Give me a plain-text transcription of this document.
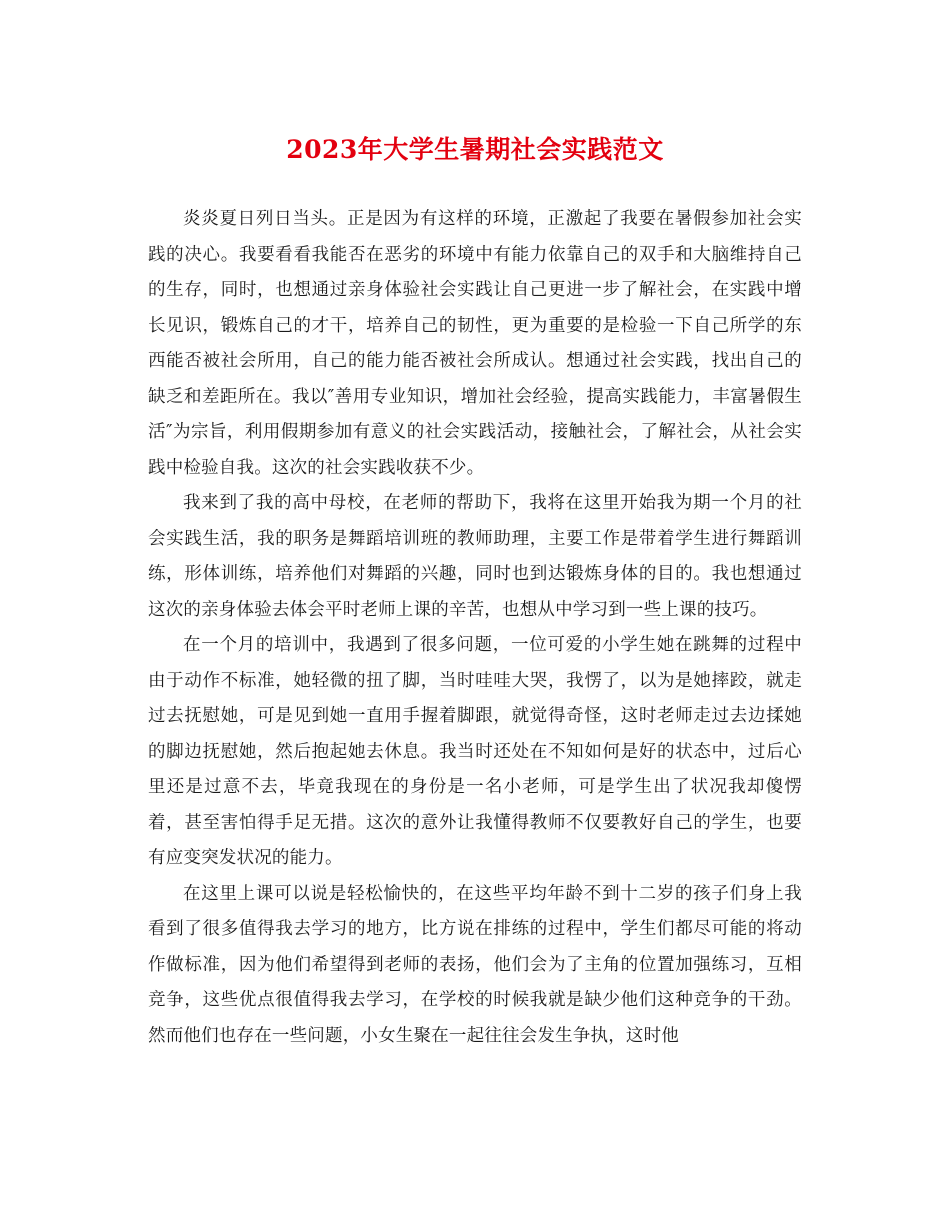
2023年大学生暑期社会实践范文

炎炎夏日列日当头。正是因为有这样的环境，正激起了我要在暑假参加社会实践的决心。我要看看我能否在恶劣的环境中有能力依靠自己的双手和大脑维持自己的生存，同时，也想通过亲身体验社会实践让自己更进一步了解社会，在实践中增长见识，锻炼自己的才干，培养自己的韧性，更为重要的是检验一下自己所学的东西能否被社会所用，自己的能力能否被社会所成认。想通过社会实践，找出自己的缺乏和差距所在。我以″善用专业知识，增加社会经验，提高实践能力，丰富暑假生活″为宗旨，利用假期参加有意义的社会实践活动，接触社会，了解社会，从社会实践中检验自我。这次的社会实践收获不少。

我来到了我的高中母校，在老师的帮助下，我将在这里开始我为期一个月的社会实践生活，我的职务是舞蹈培训班的教师助理，主要工作是带着学生进行舞蹈训练，形体训练，培养他们对舞蹈的兴趣，同时也到达锻炼身体的目的。我也想通过这次的亲身体验去体会平时老师上课的辛苦，也想从中学习到一些上课的技巧。

在一个月的培训中，我遇到了很多问题，一位可爱的小学生她在跳舞的过程中由于动作不标准，她轻微的扭了脚，当时哇哇大哭，我愣了，以为是她摔跤，就走过去抚慰她，可是见到她一直用手握着脚跟，就觉得奇怪，这时老师走过去边揉她的脚边抚慰她，然后抱起她去休息。我当时还处在不知如何是好的状态中，过后心里还是过意不去，毕竟我现在的身份是一名小老师，可是学生出了状况我却傻愣着，甚至害怕得手足无措。这次的意外让我懂得教师不仅要教好自己的学生，也要有应变突发状况的能力。

在这里上课可以说是轻松愉快的，在这些平均年龄不到十二岁的孩子们身上我看到了很多值得我去学习的地方，比方说在排练的过程中，学生们都尽可能的将动作做标准，因为他们希望得到老师的表扬，他们会为了主角的位置加强练习，互相竞争，这些优点很值得我去学习，在学校的时候我就是缺少他们这种竞争的干劲。然而他们也存在一些问题，小女生聚在一起往往会发生争执，这时他
